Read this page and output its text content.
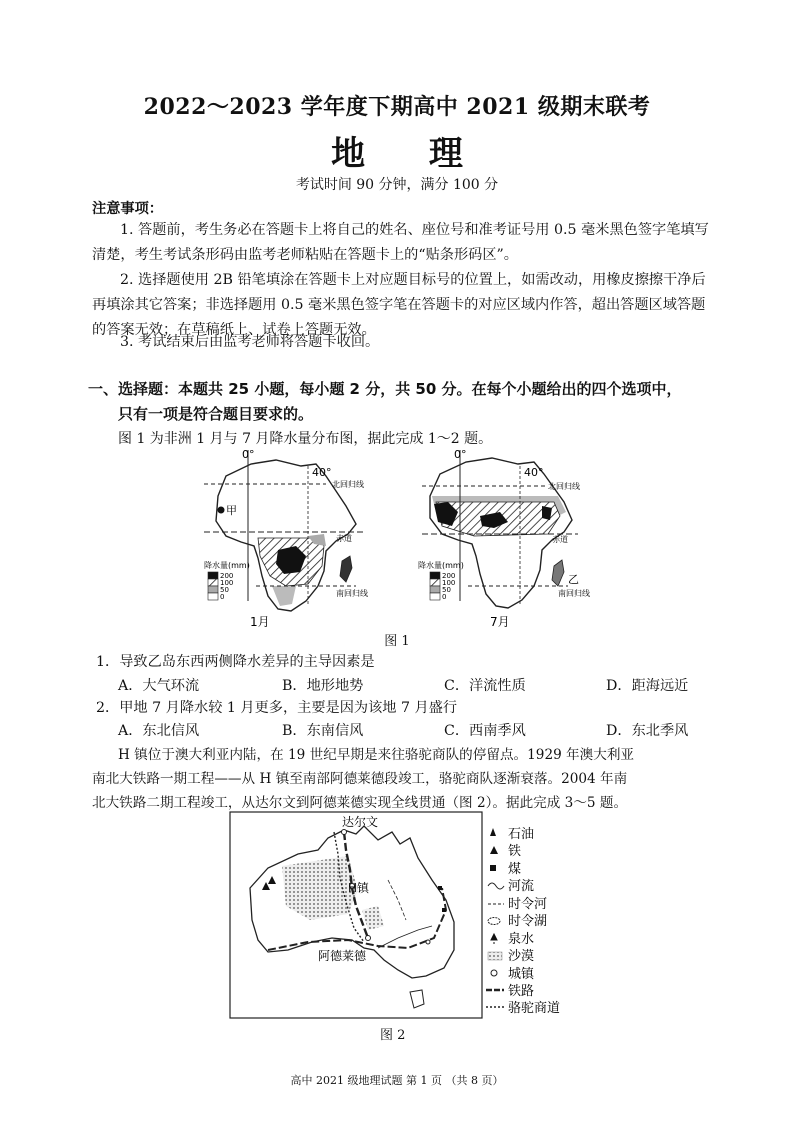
2022～2023 学年度下期高中 2021 级期末联考
地 理
考试时间 90 分钟，满分 100 分
注意事项：
1. 答题前，考生务必在答题卡上将自己的姓名、座位号和准考证号用 0.5 毫米黑色签字笔填写清楚，考生考试条形码由监考老师粘贴在答题卡上的“贴条形码区”。
2. 选择题使用 2B 铅笔填涂在答题卡上对应题目标号的位置上，如需改动，用橡皮擦擦干净后再填涂其它答案；非选择题用 0.5 毫米黑色签字笔在答题卡的对应区域内作答，超出答题区域答题的答案无效；在草稿纸上、试卷上答题无效。
3. 考试结束后由监考老师将答题卡收回。
一、选择题：本题共 25 小题，每小题 2 分，共 50 分。在每个小题给出的四个选项中，
只有一项是符合题目要求的。
图 1 为非洲 1 月与 7 月降水量分布图，据此完成 1～2 题。
甲
0°
40°
北回归线
赤道
南回归线
降水量(mm)
200
100
50
0
1月
乙
0°
40°
北回归线
赤道
南回归线
降水量(mm)
200
100
50
0
7月
图 1
1．导致乙岛东西两侧降水差异的主导因素是
A．大气环流	B．地形地势	C．洋流性质	D．距海远近
2．甲地 7 月降水较 1 月更多，主要是因为该地 7 月盛行
A．东北信风	B．东南信风	C．西南季风	D．东北季风
H 镇位于澳大利亚内陆，在 19 世纪早期是来往骆驼商队的停留点。1929 年澳大利亚
南北大铁路一期工程——从 H 镇至南部阿德莱德段竣工，骆驼商队逐渐衰落。2004 年南
北大铁路二期工程竣工，从达尔文到阿德莱德实现全线贯通（图 2）。据此完成 3～5 题。
达尔文
H镇
阿德莱德
石油
铁
煤
河流
时令河
时令湖
泉水
沙漠
城镇
铁路
骆驼商道
图 2
高中 2021 级地理试题 第 1 页 （共 8 页）
